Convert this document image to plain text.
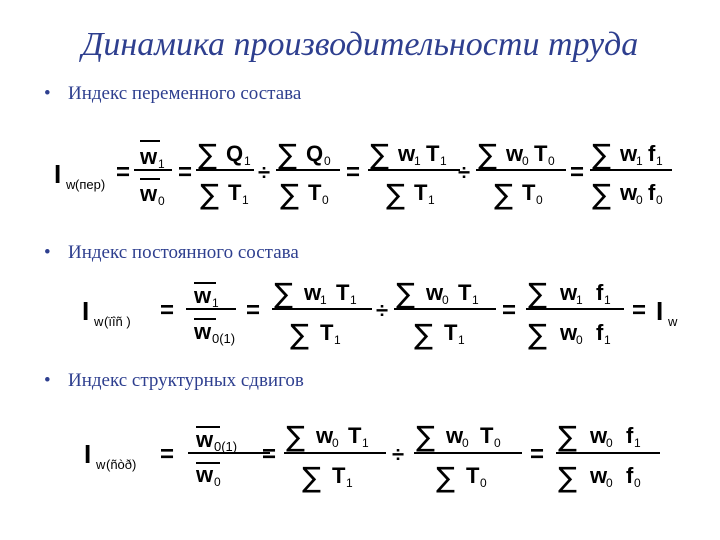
Динамика производительности труда
• Индекс переменного состава
• Индекс постоянного состава
• Индекс структурных сдвигов
I w (пер) =
w 1
w 0
=
∑ Q 1
∑ T 1
÷
∑ Q 0
∑ T 0
=
∑ w
1 T 1
∑ T 1
÷
∑ w
0 T 0
∑ T 0
=
∑ w
1 f 1
∑ w
0 f 0
I w (ïîñ ) =
w 1
w 0(1)
=
∑ w
1 T 1
∑ T 1
÷
∑ w
0 T 1
∑ T 1
=
∑ w
1 f 1
∑ w
0 f 1
= I w
I w (ñòð) =
w 0(1)
w 0
=
∑ w
0 T 1
∑ T 1
÷
∑ w
0 T 0
∑ T 0
=
∑ w
0 f 1
∑ w
0 f 0
